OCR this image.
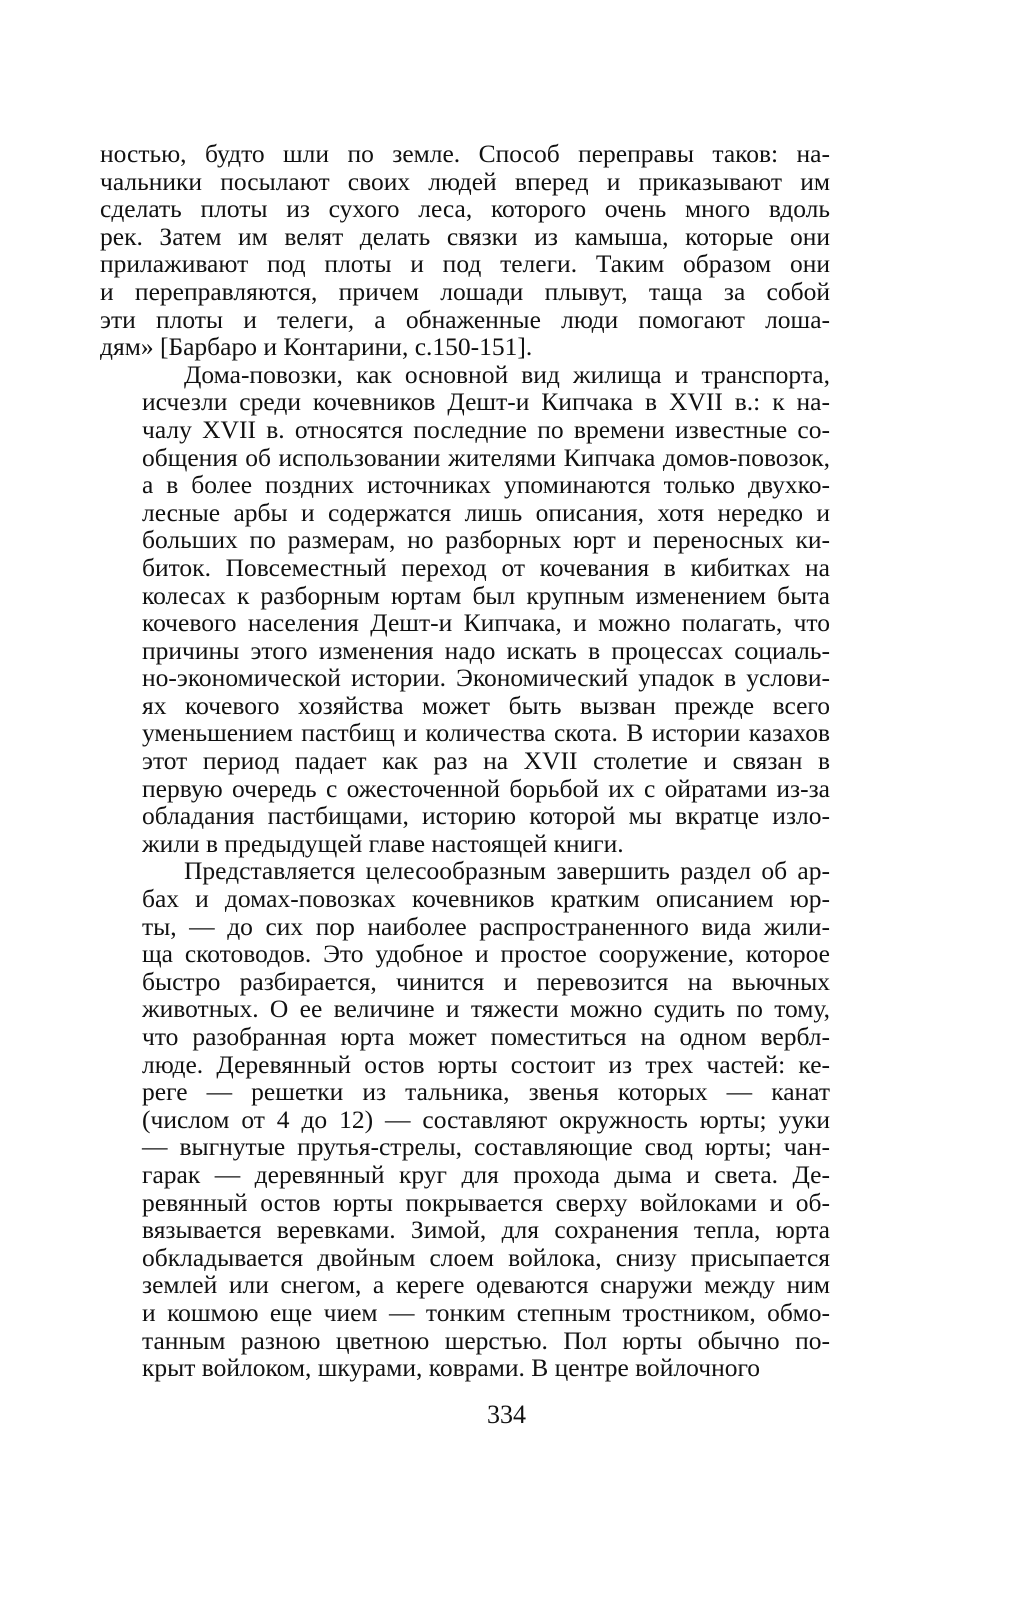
ностью, будто шли по земле. Способ переправы таков: на-
чальники посылают своих людей вперед и приказывают им
сделать плоты из сухого леса, которого очень много вдоль
рек. Затем им велят делать связки из камыша, которые они
прилаживают под плоты и под телеги. Таким образом они
и переправляются, причем лошади плывут, таща за собой
эти плоты и телеги, а обнаженные люди помогают лоша-
дям» [Барбаро и Контарини, с.150-151].

Дома-повозки, как основной вид жилища и транспорта,
исчезли среди кочевников Дешт-и Кипчака в XVII в.: к на-
чалу XVII в. относятся последние по времени известные со-
общения об использовании жителями Кипчака домов-повозок,
а в более поздних источниках упоминаются только двухко-
лесные арбы и содержатся лишь описания, хотя нередко и
больших по размерам, но разборных юрт и переносных ки-
биток. Повсеместный переход от кочевания в кибитках на
колесах к разборным юртам был крупным изменением быта
кочевого населения Дешт-и Кипчака, и можно полагать, что
причины этого изменения надо искать в процессах социаль-
но-экономической истории. Экономический упадок в услови-
ях кочевого хозяйства может быть вызван прежде всего
уменьшением пастбищ и количества скота. В истории казахов
этот период падает как раз на XVII столетие и связан в
первую очередь с ожесточенной борьбой их с ойратами из-за
обладания пастбищами, историю которой мы вкратце изло-
жили в предыдущей главе настоящей книги.

Представляется целесообразным завершить раздел об ар-
бах и домах-повозках кочевников кратким описанием юр-
ты, — до сих пор наиболее распространенного вида жили-
ща скотоводов. Это удобное и простое сооружение, которое
быстро разбирается, чинится и перевозится на вьючных
животных. О ее величине и тяжести можно судить по тому,
что разобранная юрта может поместиться на одном вербл-
люде. Деревянный остов юрты состоит из трех частей: ке-
реге — решетки из тальника, звенья которых — канат
(числом от 4 до 12) — составляют окружность юрты; ууки
— выгнутые прутья-стрелы, составляющие свод юрты; чан-
гарак — деревянный круг для прохода дыма и света. Де-
ревянный остов юрты покрывается сверху войлоками и об-
вязывается веревками. Зимой, для сохранения тепла, юрта
обкладывается двойным слоем войлока, снизу присыпается
землей или снегом, а кереге одеваются снаружи между ним
и кошмою еще чием — тонким степным тростником, обмо-
танным разною цветною шерстью. Пол юрты обычно по-
крыт войлоком, шкурами, коврами. В центре войлочного

334
